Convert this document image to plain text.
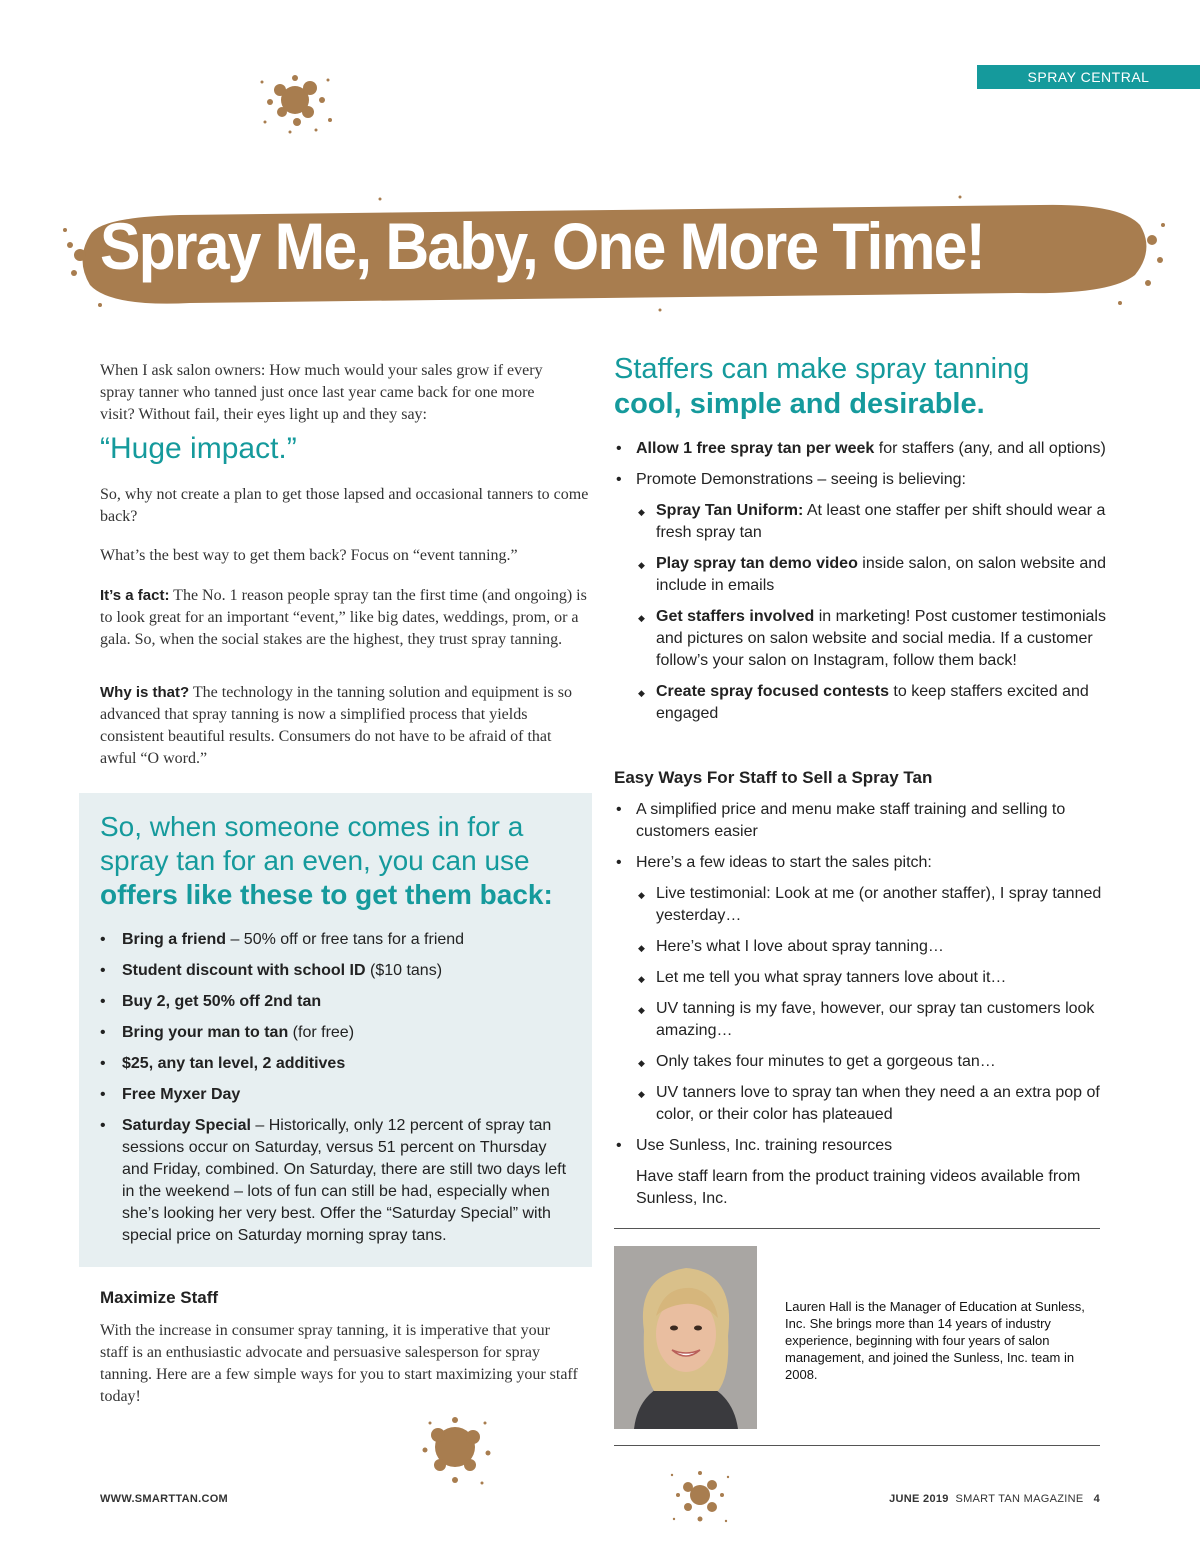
SPRAY CENTRAL
Spray Me, Baby, One More Time!

When I ask salon owners: How much would your sales grow if every spray tanner who tanned just once last year came back for one more visit? Without fail, their eyes light up and they say:

“Huge impact.”

So, why not create a plan to get those lapsed and occasional tanners to come back?

What’s the best way to get them back? Focus on “event tanning.”

It’s a fact: The No. 1 reason people spray tan the first time (and ongoing) is to look great for an important “event,” like big dates, weddings, prom, or a gala. So, when the social stakes are the highest, they trust spray tanning.

Why is that? The technology in the tanning solution and equipment is so advanced that spray tanning is now a simplified process that yields consistent beautiful results. Consumers do not have to be afraid of that awful “O word.”

So, when someone comes in for a spray tan for an even, you can use
offers like these to get them back:
• Bring a friend – 50% off or free tans for a friend
• Student discount with school ID ($10 tans)
• Buy 2, get 50% off 2nd tan
• Bring your man to tan (for free)
• $25, any tan level, 2 additives
• Free Myxer Day
• Saturday Special – Historically, only 12 percent of spray tan sessions occur on Saturday, versus 51 percent on Thursday and Friday, combined. On Saturday, there are still two days left in the weekend – lots of fun can still be had, especially when she’s looking her very best. Offer the “Saturday Special” with special price on Saturday morning spray tans.
Maximize Staff

With the increase in consumer spray tanning, it is imperative that your staff is an enthusiastic advocate and persuasive salesperson for spray tanning. Here are a few simple ways for you to start maximizing your staff today!

Staffers can make spray tanning
cool, simple and desirable.
• Allow 1 free spray tan per week for staffers (any, and all options)
• Promote Demonstrations – seeing is believing:
◆ Spray Tan Uniform: At least one staffer per shift should wear a fresh spray tan
◆ Play spray tan demo video inside salon, on salon website and include in emails
◆ Get staffers involved in marketing! Post customer testimonials and pictures on salon website and social media. If a customer follow’s your salon on Instagram, follow them back!
◆ Create spray focused contests to keep staffers excited and engaged
Easy Ways For Staff to Sell a Spray Tan
• A simplified price and menu make staff training and selling to customers easier
• Here’s a few ideas to start the sales pitch:
◆ Live testimonial: Look at me (or another staffer), I spray tanned yesterday…
◆ Here’s what I love about spray tanning…
◆ Let me tell you what spray tanners love about it…
◆ UV tanning is my fave, however, our spray tan customers look amazing…
◆ Only takes four minutes to get a gorgeous tan…
◆ UV tanners love to spray tan when they need a an extra pop of color, or their color has plateaued
• Use Sunless, Inc. training resources
Have staff learn from the product training videos available from Sunless, Inc.

Lauren Hall is the Manager of Education at Sunless, Inc. She brings more than 14 years of industry experience, beginning with four years of salon management, and joined the Sunless, Inc. team in 2008.

WWW.SMARTTAN.COM	JUNE 2019 SMART TAN MAGAZINE 4
